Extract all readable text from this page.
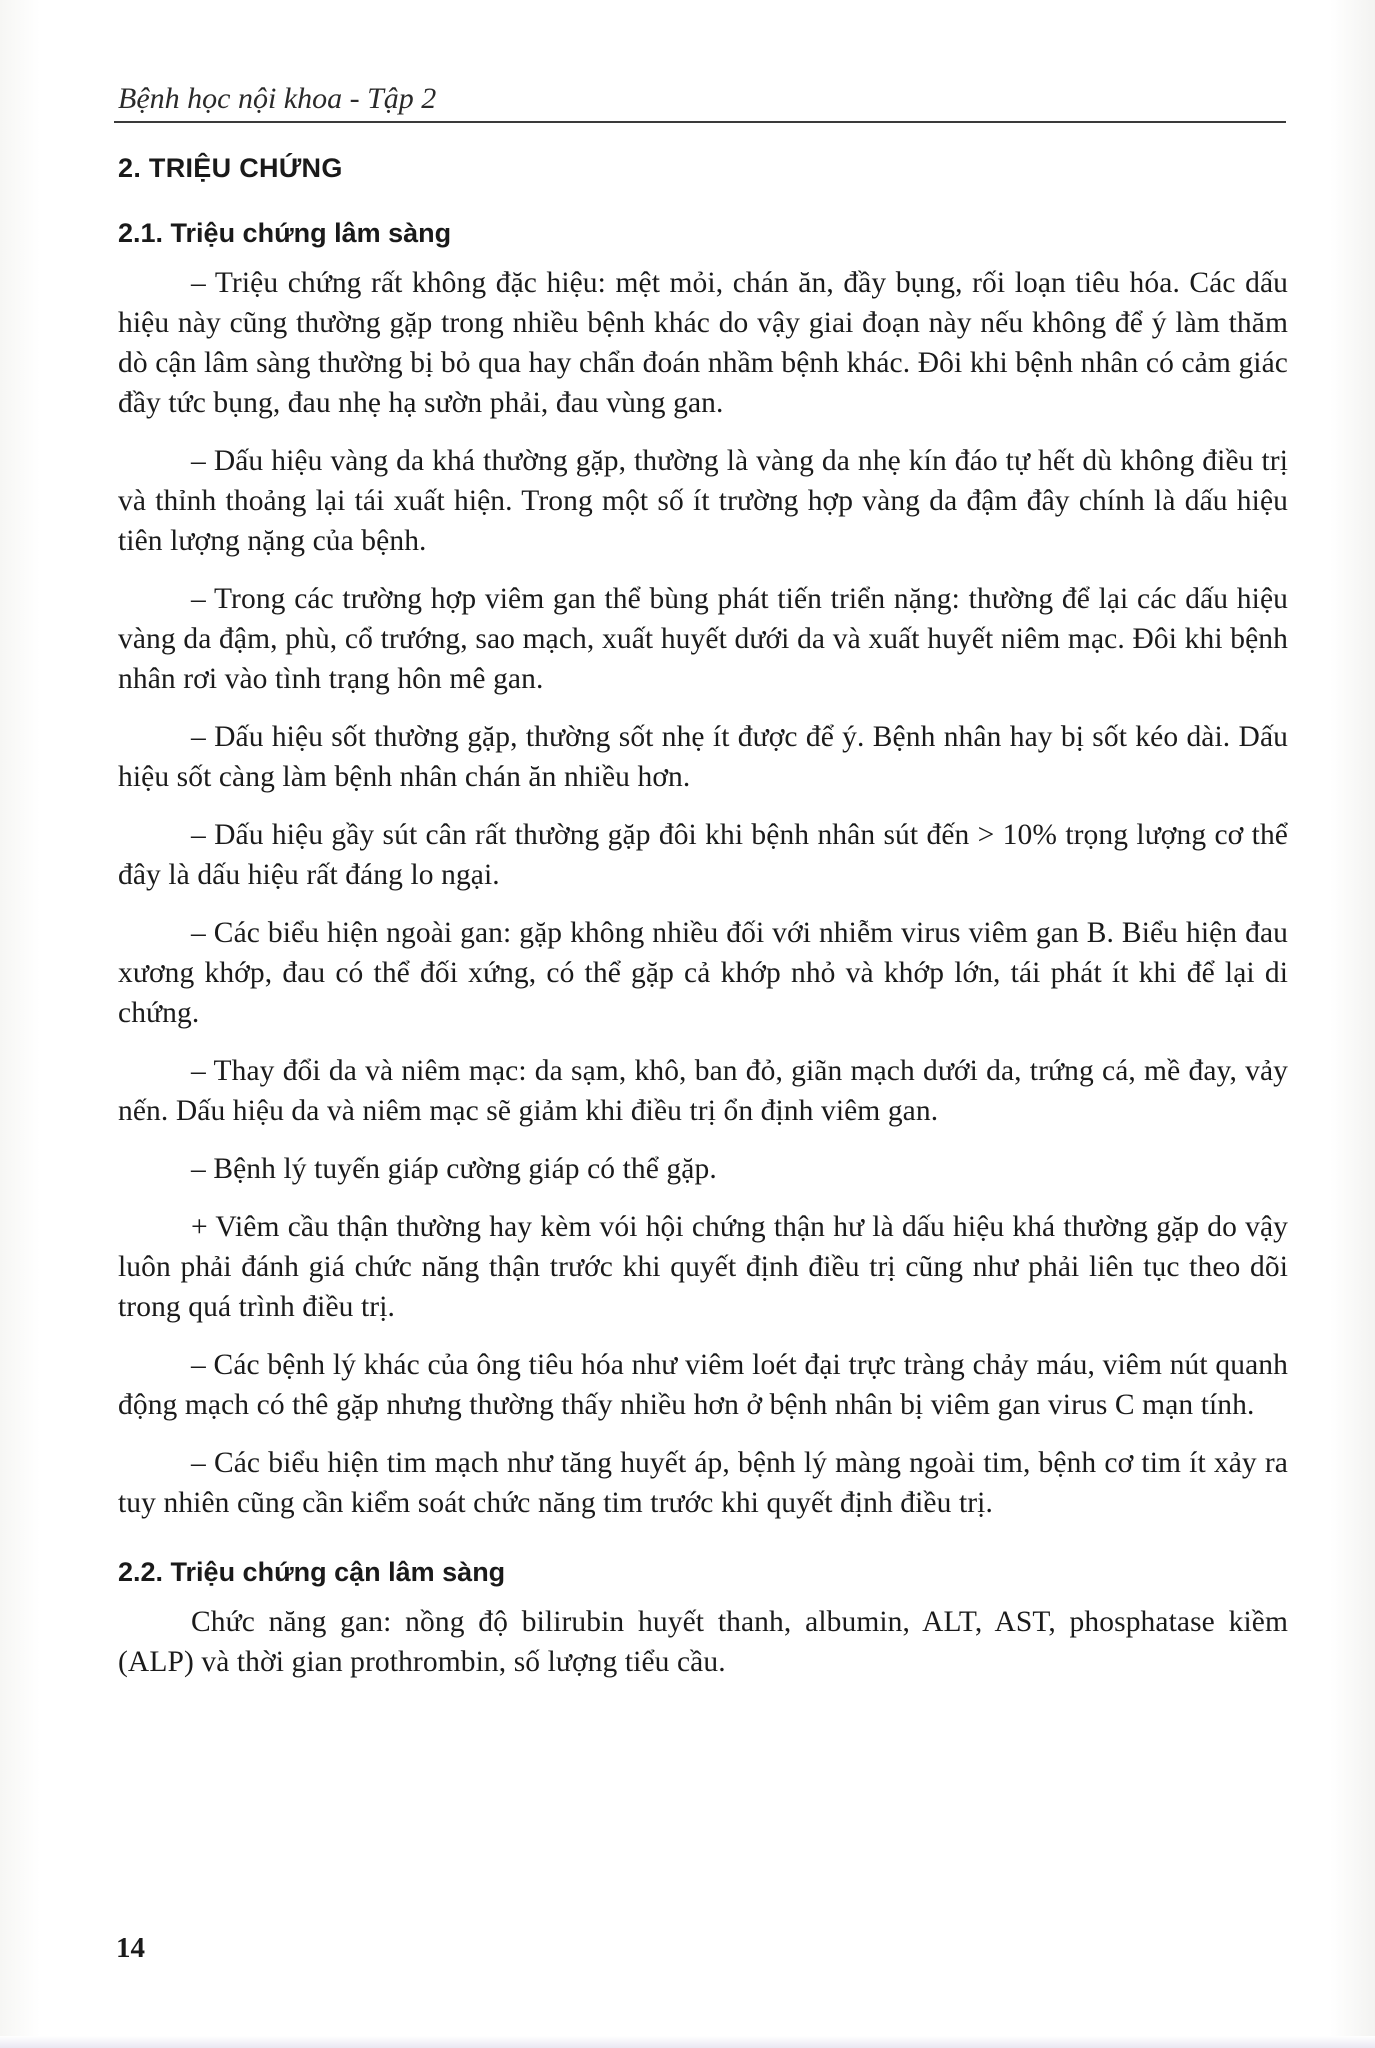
Bệnh học nội khoa - Tập 2
2. TRIỆU CHỨNG
2.1. Triệu chứng lâm sàng

– Triệu chứng rất không đặc hiệu: mệt mỏi, chán ăn, đầy bụng, rối loạn tiêu hóa. Các dấu hiệu này cũng thường gặp trong nhiều bệnh khác do vậy giai đoạn này nếu không để ý làm thăm dò cận lâm sàng thường bị bỏ qua hay chẩn đoán nhầm bệnh khác. Đôi khi bệnh nhân có cảm giác đầy tức bụng, đau nhẹ hạ sườn phải, đau vùng gan.

– Dấu hiệu vàng da khá thường gặp, thường là vàng da nhẹ kín đáo tự hết dù không điều trị và thỉnh thoảng lại tái xuất hiện. Trong một số ít trường hợp vàng da đậm đây chính là dấu hiệu tiên lượng nặng của bệnh.

– Trong các trường hợp viêm gan thể bùng phát tiến triển nặng: thường để lại các dấu hiệu vàng da đậm, phù, cổ trướng, sao mạch, xuất huyết dưới da và xuất huyết niêm mạc. Đôi khi bệnh nhân rơi vào tình trạng hôn mê gan.

– Dấu hiệu sốt thường gặp, thường sốt nhẹ ít được để ý. Bệnh nhân hay bị sốt kéo dài. Dấu hiệu sốt càng làm bệnh nhân chán ăn nhiều hơn.

– Dấu hiệu gầy sút cân rất thường gặp đôi khi bệnh nhân sút đến > 10% trọng lượng cơ thể đây là dấu hiệu rất đáng lo ngại.

– Các biểu hiện ngoài gan: gặp không nhiều đối với nhiễm virus viêm gan B. Biểu hiện đau xương khớp, đau có thể đối xứng, có thể gặp cả khớp nhỏ và khớp lớn, tái phát ít khi để lại di chứng.

– Thay đổi da và niêm mạc: da sạm, khô, ban đỏ, giãn mạch dưới da, trứng cá, mề đay, vảy nến. Dấu hiệu da và niêm mạc sẽ giảm khi điều trị ổn định viêm gan.

– Bệnh lý tuyến giáp cường giáp có thể gặp.

+ Viêm cầu thận thường hay kèm vói hội chứng thận hư là dấu hiệu khá thường gặp do vậy luôn phải đánh giá chức năng thận trước khi quyết định điều trị cũng như phải liên tục theo dõi trong quá trình điều trị.

– Các bệnh lý khác của ông tiêu hóa như viêm loét đại trực tràng chảy máu, viêm nút quanh động mạch có thê gặp nhưng thường thấy nhiều hơn ở bệnh nhân bị viêm gan virus C mạn tính.

– Các biểu hiện tim mạch như tăng huyết áp, bệnh lý màng ngoài tim, bệnh cơ tim ít xảy ra tuy nhiên cũng cần kiểm soát chức năng tim trước khi quyết định điều trị.

2.2. Triệu chứng cận lâm sàng

Chức năng gan: nồng độ bilirubin huyết thanh, albumin, ALT, AST, phosphatase kiềm (ALP) và thời gian prothrombin, số lượng tiểu cầu.

14
